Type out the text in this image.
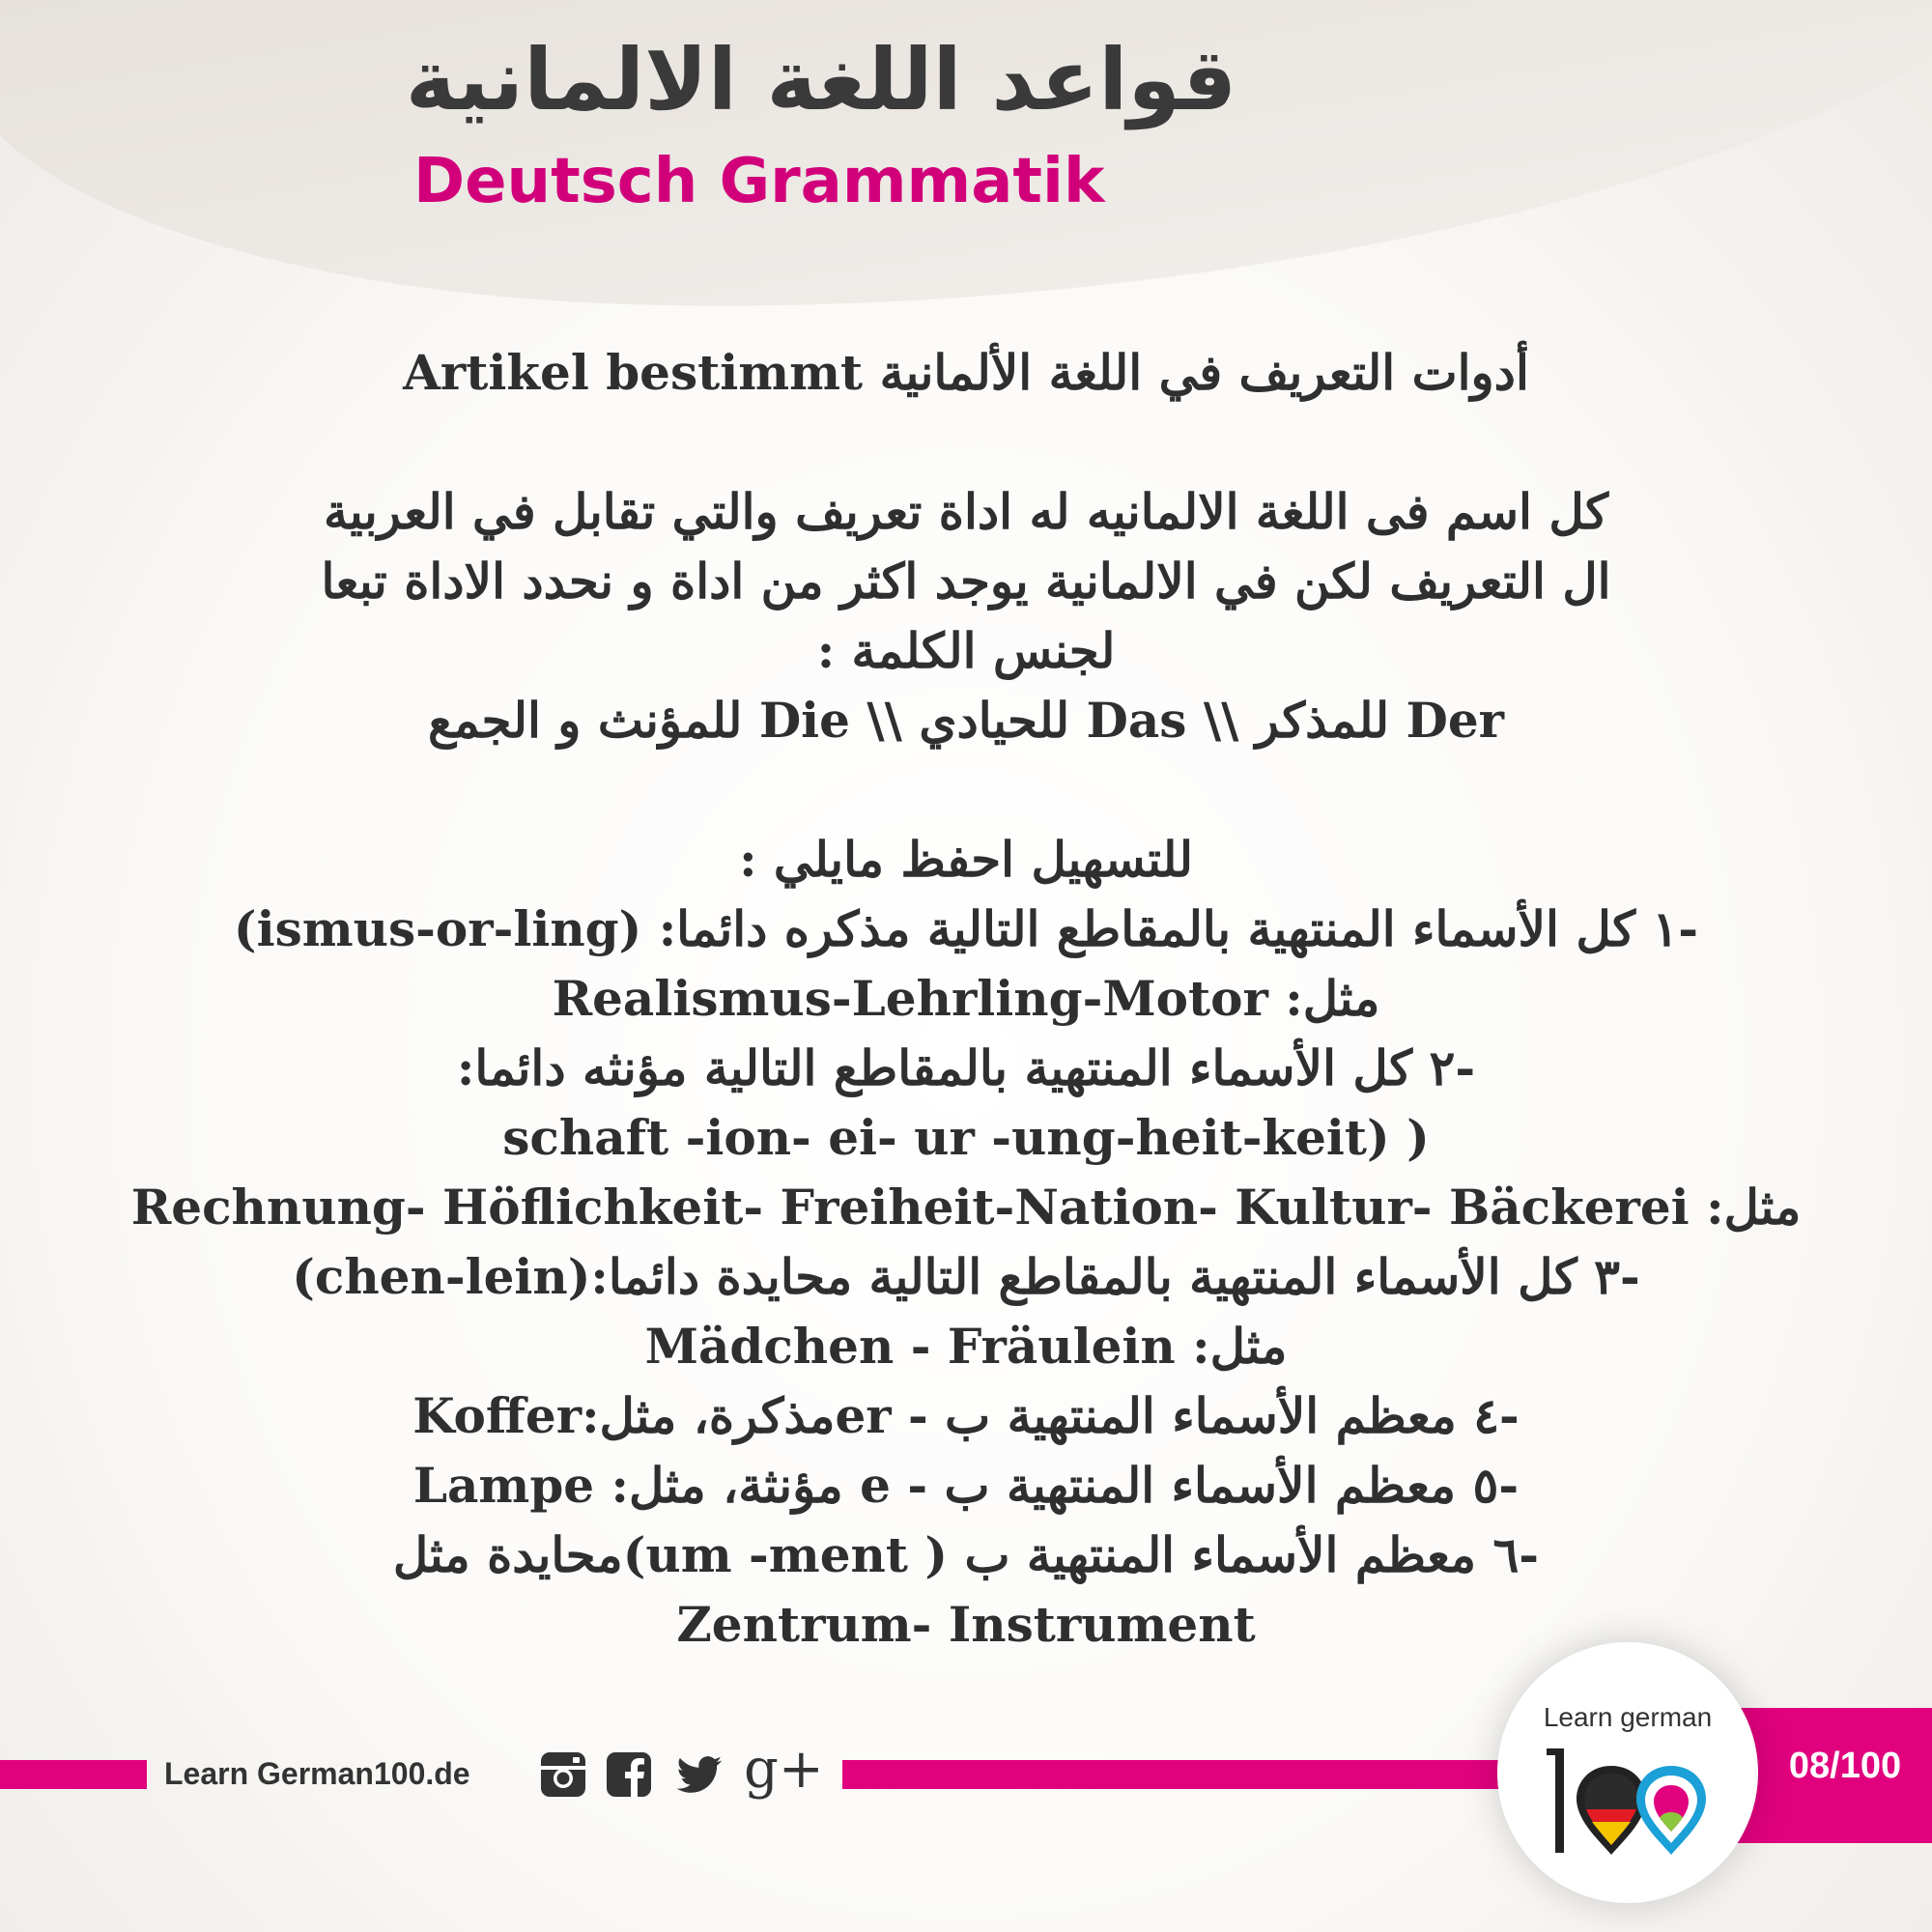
قواعد اللغة الالمانية
Deutsch Grammatik
أدوات التعريف في اللغة الألمانية Artikel bestimmt
كل اسم فى اللغة الالمانيه له اداة تعريف والتي تقابل في العربية
ال التعريف لكن في الالمانية يوجد اكثر من اداة و نحدد الاداة تبعا
لجنس الكلمة :
Der للمذكر \\ Das للحيادي \\ Die للمؤنث و الجمع
للتسهيل احفظ مايلي :
-١ كل الأسماء المنتهية بالمقاطع التالية مذكره دائما: (ismus-or-ling)
مثل: Realismus-Lehrling-Motor
-٢ كل الأسماء المنتهية بالمقاطع التالية مؤنثه دائما:
( (schaft -ion- ei- ur -ung-heit-keit
مثل: Rechnung- Höflichkeit- Freiheit-Nation- Kultur- Bäckerei
-٣ كل الأسماء المنتهية بالمقاطع التالية محايدة دائما:(chen-lein)
مثل: Mädchen - Fräulein
-٤ معظم الأسماء المنتهية ب - erمذكرة، مثل:Koffer
-٥ معظم الأسماء المنتهية ب - e مؤنثة، مثل: Lampe
-٦ معظم الأسماء المنتهية ب ( um -ment)محايدة مثل
Zentrum- Instrument
Learn German100.de	g+
Learn german
08/100
